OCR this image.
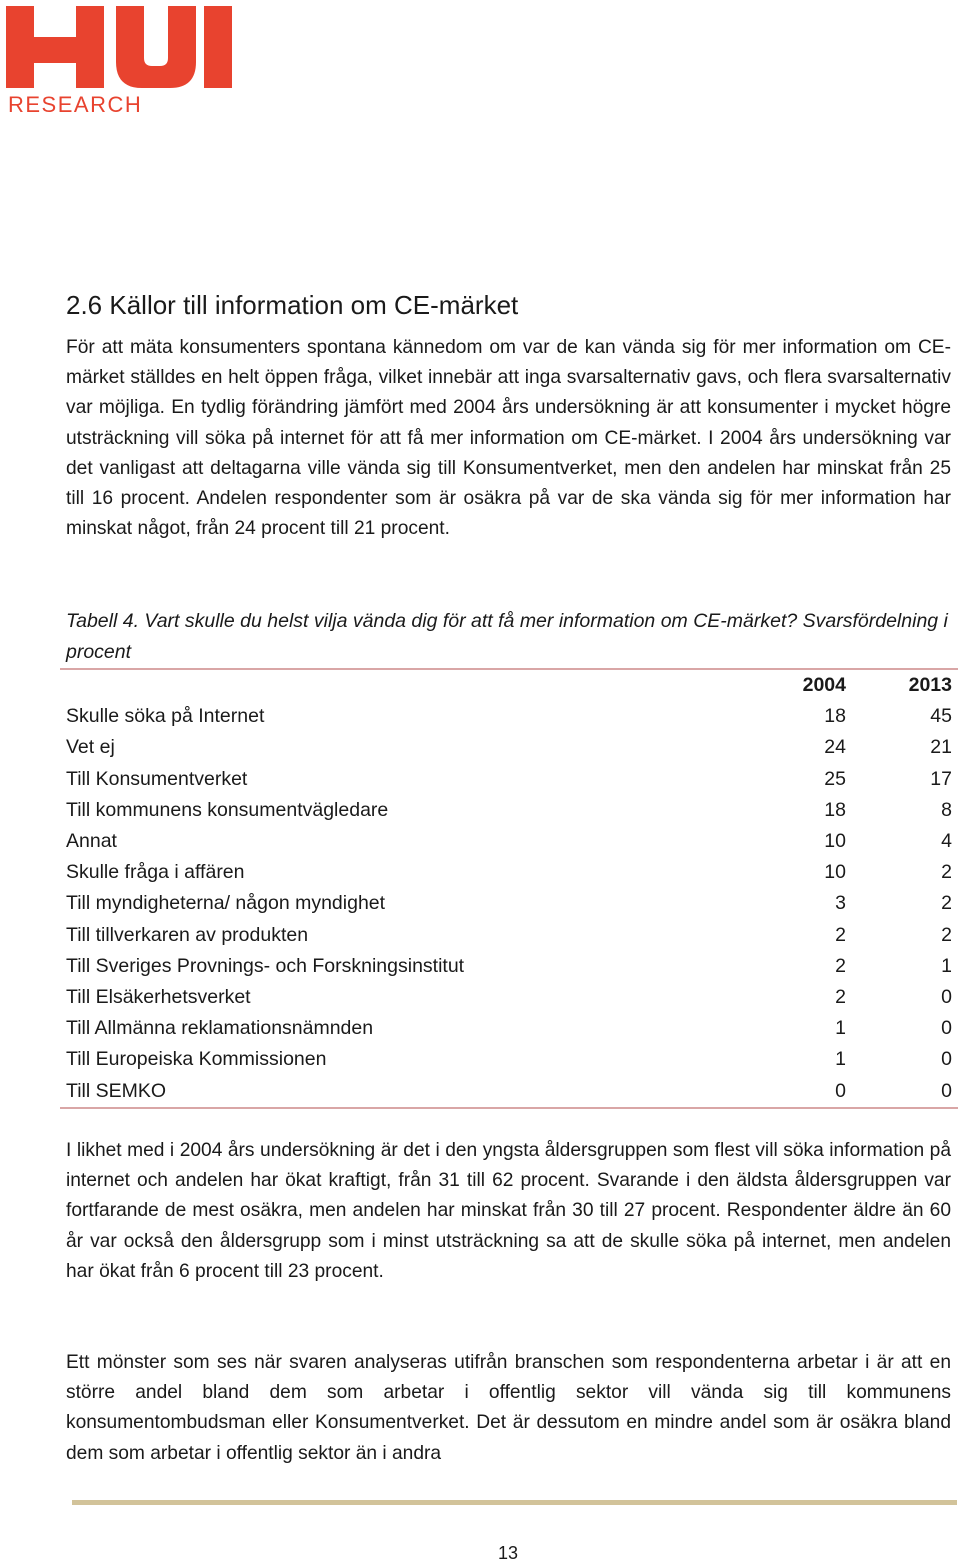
RESEARCH
2.6 Källor till information om CE-märket

För att mäta konsumenters spontana kännedom om var de kan vända sig för mer information om CE-märket ställdes en helt öppen fråga, vilket innebär att inga svarsalternativ gavs, och flera svarsalternativ var möjliga. En tydlig förändring jämfört med 2004 års undersökning är att konsumenter i mycket högre utsträckning vill söka på internet för att få mer information om CE-märket. I 2004 års undersökning var det vanligast att deltagarna ville vända sig till Konsumentverket, men den andelen har minskat från 25 till 16 procent. Andelen respondenter som är osäkra på var de ska vända sig för mer information har minskat något, från 24 procent till 21 procent.

Tabell 4. Vart skulle du helst vilja vända dig för att få mer information om CE-märket? Svarsfördelning i procent

	2004	2013
Skulle söka på Internet	18	45
Vet ej	24	21
Till Konsumentverket	25	17
Till kommunens konsumentvägledare	18	8
Annat	10	4
Skulle fråga i affären	10	2
Till myndigheterna/ någon myndighet	3	2
Till tillverkaren av produkten	2	2
Till Sveriges Provnings- och Forskningsinstitut	2	1
Till Elsäkerhetsverket	2	0
Till Allmänna reklamationsnämnden	1	0
Till Europeiska Kommissionen	1	0
Till SEMKO	0	0

I likhet med i 2004 års undersökning är det i den yngsta åldersgruppen som flest vill söka information på internet och andelen har ökat kraftigt, från 31 till 62 procent. Svarande i den äldsta åldersgruppen var fortfarande de mest osäkra, men andelen har minskat från 30 till 27 procent. Respondenter äldre än 60 år var också den åldersgrupp som i minst utsträckning sa att de skulle söka på internet, men andelen har ökat från 6 procent till 23 procent.

Ett mönster som ses när svaren analyseras utifrån branschen som respondenterna arbetar i är att en större andel bland dem som arbetar i offentlig sektor vill vända sig till kommunens konsumentombudsman eller Konsumentverket. Det är dessutom en mindre andel som är osäkra bland dem som arbetar i offentlig sektor än i andra

13
